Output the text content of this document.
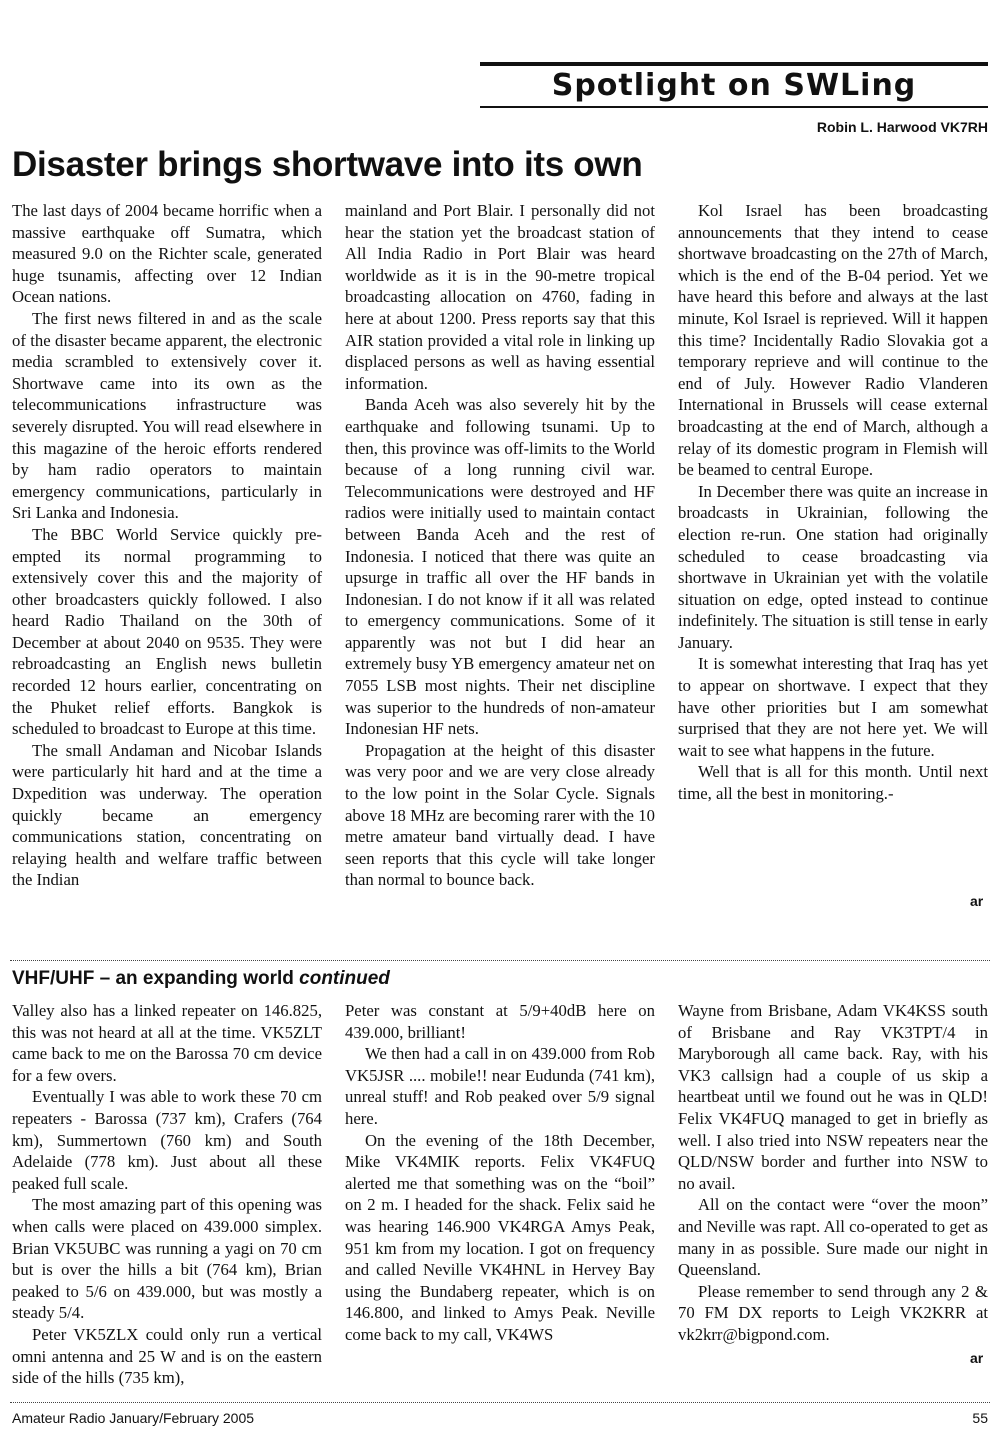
Spotlight on SWLing
Robin L. Harwood VK7RH
Disaster brings shortwave into its own

The last days of 2004 became horrific when a massive earthquake off Sumatra, which measured 9.0 on the Richter scale, generated huge tsunamis, affecting over 12 Indian Ocean nations.

The first news filtered in and as the scale of the disaster became apparent, the electronic media scrambled to extensively cover it. Shortwave came into its own as the telecommunications infrastructure was severely disrupted. You will read elsewhere in this magazine of the heroic efforts rendered by ham radio operators to maintain emergency communications, particularly in Sri Lanka and Indonesia.

The BBC World Service quickly pre-empted its normal programming to extensively cover this and the majority of other broadcasters quickly followed. I also heard Radio Thailand on the 30th of December at about 2040 on 9535. They were rebroadcasting an English news bulletin recorded 12 hours earlier, concentrating on the Phuket relief efforts. Bangkok is scheduled to broadcast to Europe at this time.

The small Andaman and Nicobar Islands were particularly hit hard and at the time a Dxpedition was underway. The operation quickly became an emergency communications station, concentrating on relaying health and welfare traffic between the Indian

mainland and Port Blair. I personally did not hear the station yet the broadcast station of All India Radio in Port Blair was heard worldwide as it is in the 90-metre tropical broadcasting allocation on 4760, fading in here at about 1200. Press reports say that this AIR station provided a vital role in linking up displaced persons as well as having essential information.

Banda Aceh was also severely hit by the earthquake and following tsunami. Up to then, this province was off-limits to the World because of a long running civil war. Telecommunications were destroyed and HF radios were initially used to maintain contact between Banda Aceh and the rest of Indonesia. I noticed that there was quite an upsurge in traffic all over the HF bands in Indonesian. I do not know if it all was related to emergency communications. Some of it apparently was not but I did hear an extremely busy YB emergency amateur net on 7055 LSB most nights. Their net discipline was superior to the hundreds of non-amateur Indonesian HF nets.

Propagation at the height of this disaster was very poor and we are very close already to the low point in the Solar Cycle. Signals above 18 MHz are becoming rarer with the 10 metre amateur band virtually dead. I have seen reports that this cycle will take longer than normal to bounce back.

Kol Israel has been broadcasting announcements that they intend to cease shortwave broadcasting on the 27th of March, which is the end of the B-04 period. Yet we have heard this before and always at the last minute, Kol Israel is reprieved. Will it happen this time? Incidentally Radio Slovakia got a temporary reprieve and will continue to the end of July. However Radio Vlanderen International in Brussels will cease external broadcasting at the end of March, although a relay of its domestic program in Flemish will be beamed to central Europe.

In December there was quite an increase in broadcasts in Ukrainian, following the election re-run. One station had originally scheduled to cease broadcasting via shortwave in Ukrainian yet with the volatile situation on edge, opted instead to continue indefinitely. The situation is still tense in early January.

It is somewhat interesting that Iraq has yet to appear on shortwave. I expect that they have other priorities but I am somewhat surprised that they are not here yet. We will wait to see what happens in the future.

Well that is all for this month. Until next time, all the best in monitoring.-

ar
VHF/UHF – an expanding world continued

Valley also has a linked repeater on 146.825, this was not heard at all at the time. VK5ZLT came back to me on the Barossa 70 cm device for a few overs.

Eventually I was able to work these 70 cm repeaters - Barossa (737 km), Crafers (764 km), Summertown (760 km) and South Adelaide (778 km). Just about all these peaked full scale.

The most amazing part of this opening was when calls were placed on 439.000 simplex. Brian VK5UBC was running a yagi on 70 cm but is over the hills a bit (764 km), Brian peaked to 5/6 on 439.000, but was mostly a steady 5/4.

Peter VK5ZLX could only run a vertical omni antenna and 25 W and is on the eastern side of the hills (735 km),

Peter was constant at 5/9+40dB here on 439.000, brilliant!

We then had a call in on 439.000 from Rob VK5JSR .... mobile!! near Eudunda (741 km), unreal stuff! and Rob peaked over 5/9 signal here.

On the evening of the 18th December, Mike VK4MIK reports. Felix VK4FUQ alerted me that something was on the “boil” on 2 m. I headed for the shack. Felix said he was hearing 146.900 VK4RGA Amys Peak, 951 km from my location. I got on frequency and called Neville VK4HNL in Hervey Bay using the Bundaberg repeater, which is on 146.800, and linked to Amys Peak. Neville come back to my call, VK4WS

Wayne from Brisbane, Adam VK4KSS south of Brisbane and Ray VK3TPT/4 in Maryborough all came back. Ray, with his VK3 callsign had a couple of us skip a heartbeat until we found out he was in QLD! Felix VK4FUQ managed to get in briefly as well. I also tried into NSW repeaters near the QLD/NSW border and further into NSW to no avail.

All on the contact were “over the moon” and Neville was rapt. All co-operated to get as many in as possible. Sure made our night in Queensland.

Please remember to send through any 2 & 70 FM DX reports to Leigh VK2KRR at vk2krr@bigpond.com.

ar
Amateur Radio January/February 2005	55
